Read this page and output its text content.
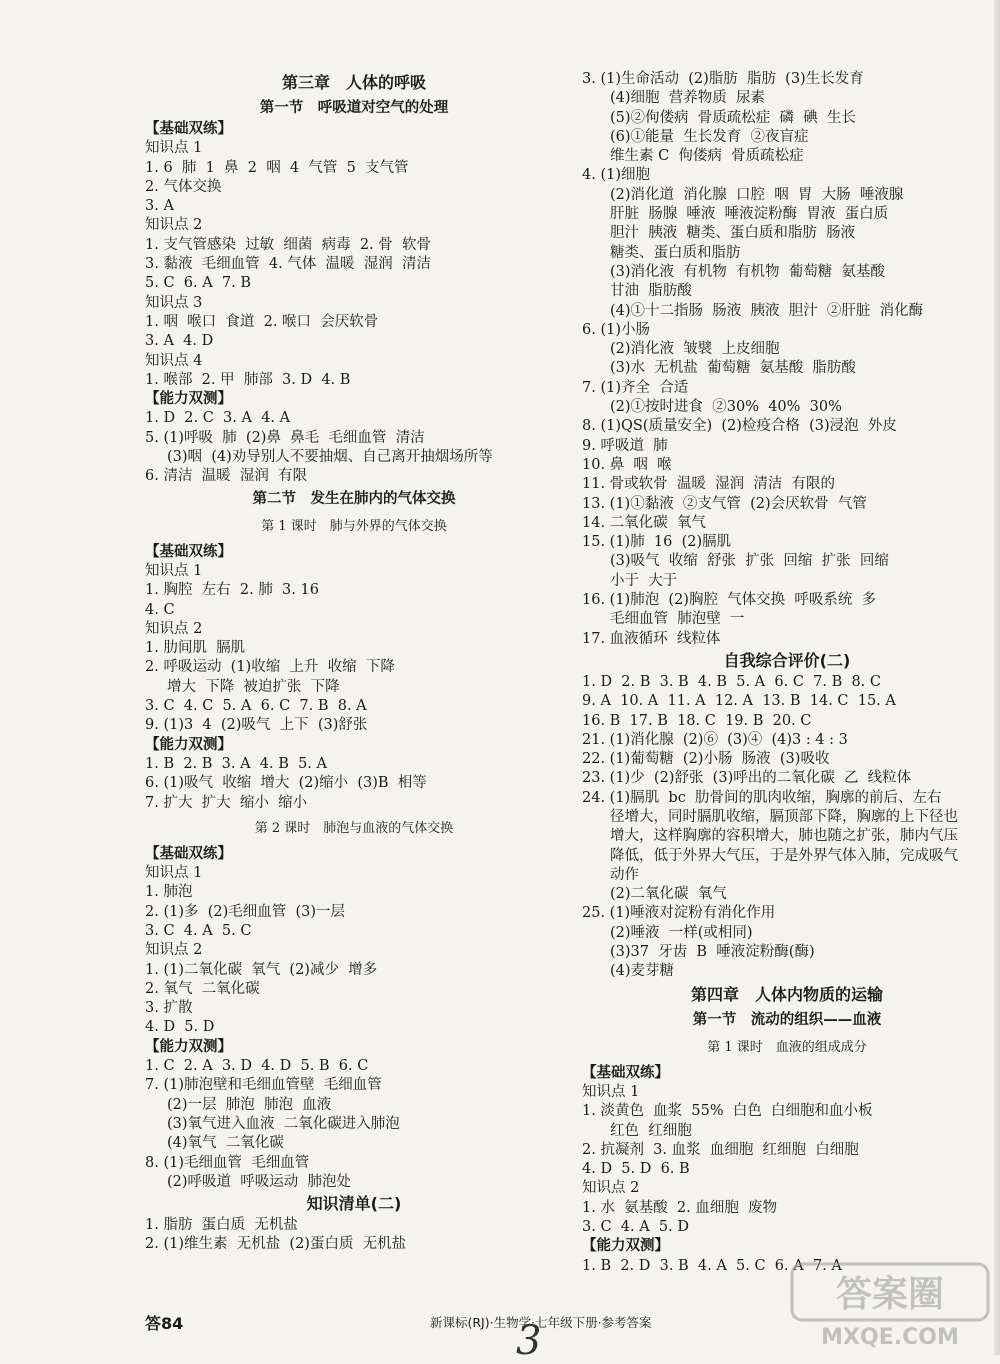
第三章　人体的呼吸
第一节　呼吸道对空气的处理
【基础双练】
知识点 1
1. 6  肺  1  鼻  2  咽  4  气管  5  支气管
2. 气体交换
3. A
知识点 2
1. 支气管感染  过敏  细菌  病毒  2. 骨  软骨
3. 黏液  毛细血管  4. 气体  温暖  湿润  清洁
5. C  6. A  7. B
知识点 3
1. 咽  喉口  食道  2. 喉口  会厌软骨
3. A  4. D
知识点 4
1. 喉部  2. 甲  肺部  3. D  4. B
【能力双测】
1. D  2. C  3. A  4. A
5. (1)呼吸  肺  (2)鼻  鼻毛  毛细血管  清洁
(3)咽  (4)劝导别人不要抽烟、自己离开抽烟场所等
6. 清洁  温暖  湿润  有限
第二节　发生在肺内的气体交换
第 1 课时　肺与外界的气体交换
【基础双练】
知识点 1
1. 胸腔  左右  2. 肺  3. 16
4. C
知识点 2
1. 肋间肌  膈肌
2. 呼吸运动  (1)收缩  上升  收缩  下降
增大  下降  被迫扩张  下降
3. C  4. C  5. A  6. C  7. B  8. A
9. (1)3  4  (2)吸气  上下  (3)舒张
【能力双测】
1. B  2. B  3. A  4. B  5. A
6. (1)吸气  收缩  增大  (2)缩小  (3)B  相等
7. 扩大  扩大  缩小  缩小
第 2 课时　肺泡与血液的气体交换
【基础双练】
知识点 1
1. 肺泡
2. (1)多  (2)毛细血管  (3)一层
3. C  4. A  5. C
知识点 2
1. (1)二氧化碳  氧气  (2)减少  增多
2. 氧气  二氧化碳
3. 扩散
4. D  5. D
【能力双测】
1. C  2. A  3. D  4. D  5. B  6. C
7. (1)肺泡壁和毛细血管壁  毛细血管
(2)一层  肺泡  肺泡  血液
(3)氧气进入血液  二氧化碳进入肺泡
(4)氧气  二氧化碳
8. (1)毛细血管  毛细血管
(2)呼吸道  呼吸运动  肺泡处
知识清单(二)
1. 脂肪  蛋白质  无机盐
2. (1)维生素  无机盐  (2)蛋白质  无机盐
3. (1)生命活动  (2)脂肪  脂肪  (3)生长发育
(4)细胞  营养物质  尿素
(5)②佝偻病  骨质疏松症  磷  碘  生长
(6)①能量  生长发育  ②夜盲症
维生素 C  佝偻病  骨质疏松症
4. (1)细胞
(2)消化道  消化腺  口腔  咽  胃  大肠  唾液腺
肝脏  肠腺  唾液  唾液淀粉酶  胃液  蛋白质
胆汁  胰液  糖类、蛋白质和脂肪  肠液
糖类、蛋白质和脂肪
(3)消化液  有机物  有机物  葡萄糖  氨基酸
甘油  脂肪酸
(4)①十二指肠  肠液  胰液  胆汁  ②肝脏  消化酶
6. (1)小肠
(2)消化液  皱襞  上皮细胞
(3)水  无机盐  葡萄糖  氨基酸  脂肪酸
7. (1)齐全  合适
(2)①按时进食  ②30%  40%  30%
8. (1)QS(质量安全)  (2)检疫合格  (3)浸泡  外皮
9. 呼吸道  肺
10. 鼻  咽  喉
11. 骨或软骨  温暖  湿润  清洁  有限的
13. (1)①黏液  ②支气管  (2)会厌软骨  气管
14. 二氧化碳  氧气
15. (1)肺  16  (2)膈肌
(3)吸气  收缩  舒张  扩张  回缩  扩张  回缩
小于  大于
16. (1)肺泡  (2)胸腔  气体交换  呼吸系统  多
毛细血管  肺泡壁  一
17. 血液循环  线粒体
自我综合评价(二)
1. D  2. B  3. B  4. B  5. A  6. C  7. B  8. C
9. A  10. A  11. A  12. A  13. B  14. C  15. A
16. B  17. B  18. C  19. B  20. C
21. (1)消化腺  (2)⑥  (3)④  (4)3 : 4 : 3
22. (1)葡萄糖  (2)小肠  肠液  (3)吸收
23. (1)少  (2)舒张  (3)呼出的二氧化碳  乙  线粒体
24. (1)膈肌  bc  肋骨间的肌肉收缩，胸廓的前后、左右
径增大，同时膈肌收缩，膈顶部下降，胸廓的上下径也
增大，这样胸廓的容积增大，肺也随之扩张，肺内气压
降低，低于外界大气压，于是外界气体入肺，完成吸气
动作
(2)二氧化碳  氧气
25. (1)唾液对淀粉有消化作用
(2)唾液  一样(或相同)
(3)37  牙齿  B  唾液淀粉酶(酶)
(4)麦芽糖
第四章　人体内物质的运输
第一节　流动的组织——血液
第 1 课时　血液的组成成分
【基础双练】
知识点 1
1. 淡黄色  血浆  55%  白色  白细胞和血小板
红色  红细胞
2. 抗凝剂  3. 血浆  血细胞  红细胞  白细胞
4. D  5. D  6. B
知识点 2
1. 水  氨基酸  2. 血细胞  废物
3. C  4. A  5. D
【能力双测】
1. B  2. D  3. B  4. A  5. C  6. A  7. A
答84	新课标(RJ)·生物学·七年级下册·参考答案
3
答案圈
MXQE.COM
